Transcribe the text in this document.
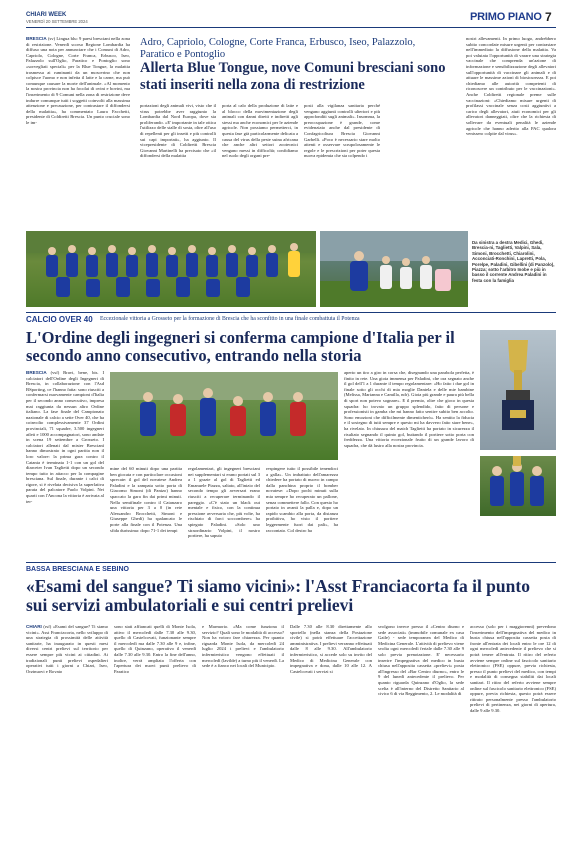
CHIARI WEEK
VENERDÌ 20 SETTEMBRE 2024	PRIMO PIANO 7
Adro, Capriolo, Cologne, Corte Franca, Erbusco, Iseo, Palazzolo, Paratico e Pontoglio
Allerta Blue Tongue, nove Comuni bresciani sono stati inseriti nella zona di restrizione
BRESCIA (sv) Lingua blu: 9 paesi bresciani nella zona di restrizione. Venerdì scorso Regione Lombardia ha diffuso una nota per annunciare che i Comuni di Adro, Capriolo, Cologne, Corte Franca, Erbusco, Iseo, Palazzolo sull'Oglio, Paratico e Pontoglio sono «sorvegliati speciali» per la Blue Tongue, la malattia trasmessa ai ruminanti da un moscerino che non colpisce l'uomo e non infetta il latte e la carne, ma può comunque causare la morte dell'animale. «Al momento la nostra provincia non ha focolai di ovini e bovini, ma l'inserimento di 9 Comuni nella zona di restrizione deve indurre comunque tutti i soggetti coinvolti alla massima attenzione e precauzione, per contrastare il diffondersi della malattia», ha commentato Laura Facchetti, presidente di Coldiretti Brescia. Un punto cruciale sono le im-
portazioni degli animali vivi, visto che il virus potrebbe aver raggiunto la Lombardia dal Nord Europa, dove sta proliferando. «E' importante in tale ottica l'utilizzo delle stalle di sosta, oltre all'uso di repellenti per gli insetti e più controlli sui capi importati», ha aggiunto. Il vicepresidente di Coldiretti Brescia Giovanni Martinelli ha precisato che «il diffondersi della malattia
porta al calo della produzione di latte e al blocco della movimentazione degli animali con danni diretti e indiretti agli stessi ma anche economici per le aziende agricole. Non possiamo permetterci, in questa fase già particolarmente delicata a causa del virus della peste suina africana che anche altri settori zootecnici vengano messi in difficoltà; confidiamo nel ruolo degli organi pre-
posti alla vigilanza sanitaria perché vengano aggiunti controlli ulteriori e più approfonditi sugli animali». Insomma, la preoccupazione è grande, come evidenziato anche dal presidente di Confagricoltura Brescia Giovanni Garbelli. «Poco è necessario stare molto attenti e osservare scrupolosamente le regole e le prescrizioni per poter questa nuova epidemia che sta colpendo i
nostri allevamenti. In primo luogo, andrebbero subito concordate misure urgenti per contrastare nell'immediato la diffusione della malattia. Va poi valutata l'opportunità di varare una strategia vaccinale che comprenda un'azione di informazione e sensibilizzazione degli allevatori sull'opportunità di vaccinare gli animali e di attuare le massime azioni di biosicurezza. E poi chiediamo alle autorità competenti di riconoscere un contributo per le vaccinazioni». Anche Coldiretti regionale preme sulle vaccinazioni: «Chiediamo misure urgenti di profilassi vaccinale senza costi aggiuntivi a carico degli allevatori, aiuti economici per gli allevatori danneggiati, oltre che la richiesta di sollevare da eventuali penalità le aziende agricole che hanno aderito alla PAC qualora venissero colpite dal virus».
Da sinistra a destra Medici, Ghedi, Brescia-ni, Taglietti, Valpini, Sala, Simoni, Brocchetti, Chiarolini, Acconciati-Ronchini, Lapretti, Pola, Porelpe, Paladini, Gibellini (di Panzolo), Piazza; sotto l'arbitro Inobe e più in basso il corrente Andrea Paladini in festa con la famiglia
CALCIO OVER 40 Eccezionale vittoria a Grosseto per la formazione di Brescia che ha sconfitto in una finale combattuta il Potenza
L'Ordine degli ingegneri si conferma campione d'Italia per il secondo anno consecutivo, entrando nella storia
BRESCIA (vsf) Bravi, bene, bis. I calciatori dell'Ordine degli Ingegneri di Brescia, in collaborazione con l'Asd BSporting, ce l'hanno fatta: sono riusciti a confermarsi nuovamente campioni d'Italia per il secondo anno consecutivo, impresa mai raggiunta da nessun altro Ordine italiano. La fase finale del Campionato nazionale di calcio a sette Over 40, che ha coinvolto complessivamente 37 Ordini provinciali, 71 squadre, 3.500 ingegneri atleti e 1000 accompagnatori, sono andate in scena 19 settembre a Grosseto. I calciatori allenati dal mister Brescianì hanno dimostrato in ogni partita non il loro valore: la prima gara contro il Catania è terminata 1-1 con un gol del diarceter Ivan Taglietti dopo un secondo tempo tutto in attacco per la compagine bresciana. Sul finale, durante i calci di rigore, si è rivelata decisiva la superlativa parata del palcatore Paolo Volpini. Nei quarti con l'Ancona la vittoria è arrivata al ter-
mine del 60 minuti dopo una partita ben giocata e con particolare occasioni sprecate: il gol del novatese Andrea Paladini e la zampata sotto porta di Giacomo Simoni (di Panizo) hanno spaccato la gara fin dai primi minuti. Nella semifinale contro il Catanzaro una vittoria per 3 a 0 (in rete Alessandro Brocchetti, Simoni e Giuseppe Ghedi) ha spalancato le porte alla finale con il Potenza. Una sfida durissima: dopo 71-1 dei tempi
regolamentari, gli ingegneri bresciani nei supplementari si erano portati sul 3 a 1 grazie al gol di Taglietti ed Emanuele Piazza, saltato, all'inizio del secondo tempo gli avversari erano riusciti a recuperare terminando il pareggio. «C'è stato un black out mentale e fisico, con la continua pressione avversaria che, più volte, ha rischiato di farci soccombere» ha spiegato Paladini. «Solo uno straordinario Volpini, il nostro portiere, ha saputo
respingere tutto il possibile tenendoci a galla». Un imbattuto dell'amarezza chiedere ha portato di nuovo in campo dalla panchina proprio il bomber novatese: «Dopo pochi minuti sulla mia sempre ho recuperato un pallone, senza commettere fallo. Con questo ho portato in avanti la palla e, dopo un rapido scambio alla porta, da distanza proibitiva, ho visto il portiere leggermente fuori dai pali», ha raccontato. Col destro ha
aperto un tiro a giro in corsa che, disegnando una parabola perfetta, è finito in rete. Una gioia immensa per Paladini, che ora segnato anche il gol dell'1 a 1 durante il tempo regolamentare: «Ho fatto i due gol in finale sotto gli occhi di mia moglie Daniela e delle mie bambine (Melissa, Marianna e Camilla, ndr). Gioia più grande e paura più bella di sport non potevo sognare». E il premio, oltre che gioco in questa squadra: ho trovato un gruppo splendido, fatto di persone e professionisti in gamba che mi hanno fatto sentire subito ben accolto. Sono emozioni che difficilmente dimenticherò». Ha sentito la fiducia e il sostegno di tutti sempre e questo mi ha davvero fatto stare bene», ha rivelato. In chiusura del match Taglietti ha portato in sicurezza il risultato segnando il quinto gol, buttando il portiere sotto porta con freddezza. Una vittoria eccezionale frutto di un grande lavoro di squadra, che dà lustro alla nostra provincia.
BASSA BRESCIANA E SEBINO
«Esami del sangue? Ti siamo vicini»: l'Asst Franciacorta fa il punto sui servizi ambulatoriali e sui centri prelievi
CHIARI (rsf) «Esami del sangue? Ti siamo vicini». Asst Franciacorta, nello sviluppo di una strategia di prossimità delle attività sanitarie, ha inaugurato in questi mesi diversi centri prelievi sul territorio per essere sempre più vicini ai cittadini. Ai tradizionali punti prelievi ospedalieri operativi tutti i giorni a Chiari, Iseo, Orzinuovi e Rovato
sono stati affiancati quelli di Monte Isola, attivo il mercoledì dalle 7.30 alle 9.30, quello di Castelcovati, funzionante sempre il mercoledì ma dalle 7.30 alle 9 e, infine, quello di Quinzano, operativo il venerdì dalle 7.30 alle 9.30. Entro la fine dell'anno, inoltre, verrà ampliata l'offerta con l'apertura dei nuovi punti prelievo di Paratico
e Marmorio. «Ma come funziona il servizio? Quali sono le modalità di accesso? Non ha votoro fare chiarezza. Per quanto riguarda Monte Isola, da mercoledì 24 luglio 2024 i prelievi e l'ambulatorio infermieristico vengono effettuati il mercoledì (lavilde) a turno più il venerdì. La sede è a fianco nei locali del Municipio.
Dalle 7.30 alle 8.30 direttamente allo sportello (nella stanza della Postazione civile) si potrà effettuare l'accettazione amministrativa. I prelievi verranno effettuati dalle 8 alle 9.30. All'ambulatorio infermieristico, si accede solo su invito del Medico di Medicina Generale con impegnativa e dona, dalle 10 alle 12. A Castelcovati i servizi si
svolgono invece presso il «Centro diurno e sede associati» (immobile comunale ex casa Gaile) - sede temporanea del Medico di Medicina Generale. L'attività di prelievo viene svolta ogni mercoledì feriale dalle 7.30 alle 9 solo previa prenotazione. E' necessario inserire l'impegnativa del medico in busta chiusa nell'apposita cassetta «prelievi» posta all'ingresso del «Bar Centro diurno», entro le 9 del lunedì antecedente il prelievo. Per quanto riguarda Quinzano d'Oglio, la sede scelta è all'interno del Distretto Sanitario al civico 6 di via Reggimento, 2. Le modalità di
accesso (solo per i maggiorenni) prevedono l'inserimento dell'impegnativa del medico in busta chiusa nell'apposita cassetta posta di fronte all'entrata dei locali entro le ore 12 di ogni mercoledì antecedente il prelievo che si potrà tenere all'entrata. Il ritiro del referto avviene sempre online sul fascicolo sanitario elettronico (FSE) oppure, previa richiesta, presso il punto prelievi del medico, con tempi e modalità di consegna stabiliti dai locali sanitari. Il ritiro del referto avviene sempre online sul fascicolo sanitario elettronico (FSE) oppure, previa richiesta, questo potrà essere ritirato personalmente presso l'ambulatorio prelievi di pertinenza, nei giorni di apertura, dalle 9 alle 9.30.
